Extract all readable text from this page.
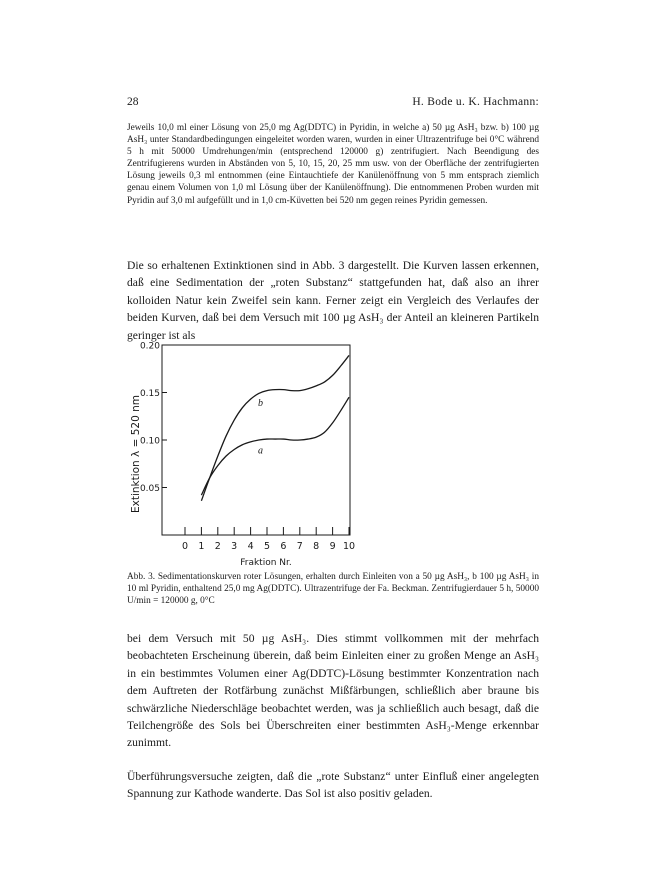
28	H. Bode u. K. Hachmann:

Jeweils 10,0 ml einer Lösung von 25,0 mg Ag(DDTC) in Pyridin, in welche a) 50 µg AsH₃ bzw. b) 100 µg AsH₃ unter Standardbedingungen eingeleitet worden waren, wurden in einer Ultrazentrifuge bei 0°C während 5 h mit 50000 Umdrehungen/min (entsprechend 120000 g) zentrifugiert. Nach Beendigung des Zentrifugierens wurden in Abständen von 5, 10, 15, 20, 25 mm usw. von der Oberfläche der zentrifugierten Lösung jeweils 0,3 ml entnommen (eine Eintauchtiefe der Kanülenöffnung von 5 mm entsprach ziemlich genau einem Volumen von 1,0 ml Lösung über der Kanülenöffnung). Die entnommenen Proben wurden mit Pyridin auf 3,0 ml aufgefüllt und in 1,0 cm-Küvetten bei 520 nm gegen reines Pyridin gemessen.

Die so erhaltenen Extinktionen sind in Abb. 3 dargestellt. Die Kurven lassen erkennen, daß eine Sedimentation der „roten Substanz“ stattgefunden hat, daß also an ihrer kolloiden Natur kein Zweifel sein kann. Ferner zeigt ein Vergleich des Verlaufes der beiden Kurven, daß bei dem Versuch mit 100 µg AsH₃ der Anteil an kleineren Partikeln geringer ist als

0.05
0.10
0.15
0.20
0 1 2 3 4 5 6 7 8 9 10
b
a
Extinktion λ = 520 nm
Fraktion Nr.

Abb. 3. Sedimentationskurven roter Lösungen, erhalten durch Einleiten von a 50 µg AsH₃, b 100 µg AsH₃ in 10 ml Pyridin, enthaltend 25,0 mg Ag(DDTC). Ultrazentrifuge der Fa. Beckman. Zentrifugierdauer 5 h, 50000 U/min = 120000 g, 0°C

bei dem Versuch mit 50 µg AsH₃. Dies stimmt vollkommen mit der mehrfach beobachteten Erscheinung überein, daß beim Einleiten einer zu großen Menge an AsH₃ in ein bestimmtes Volumen einer Ag(DDTC)-Lösung bestimmter Konzentration nach dem Auftreten der Rotfärbung zunächst Mißfärbungen, schließlich aber braune bis schwärzliche Niederschläge beobachtet werden, was ja schließlich auch besagt, daß die Teilchengröße des Sols bei Überschreiten einer bestimmten AsH₃-Menge erkennbar zunimmt.

Überführungsversuche zeigten, daß die „rote Substanz“ unter Einfluß einer angelegten Spannung zur Kathode wanderte. Das Sol ist also positiv geladen.
